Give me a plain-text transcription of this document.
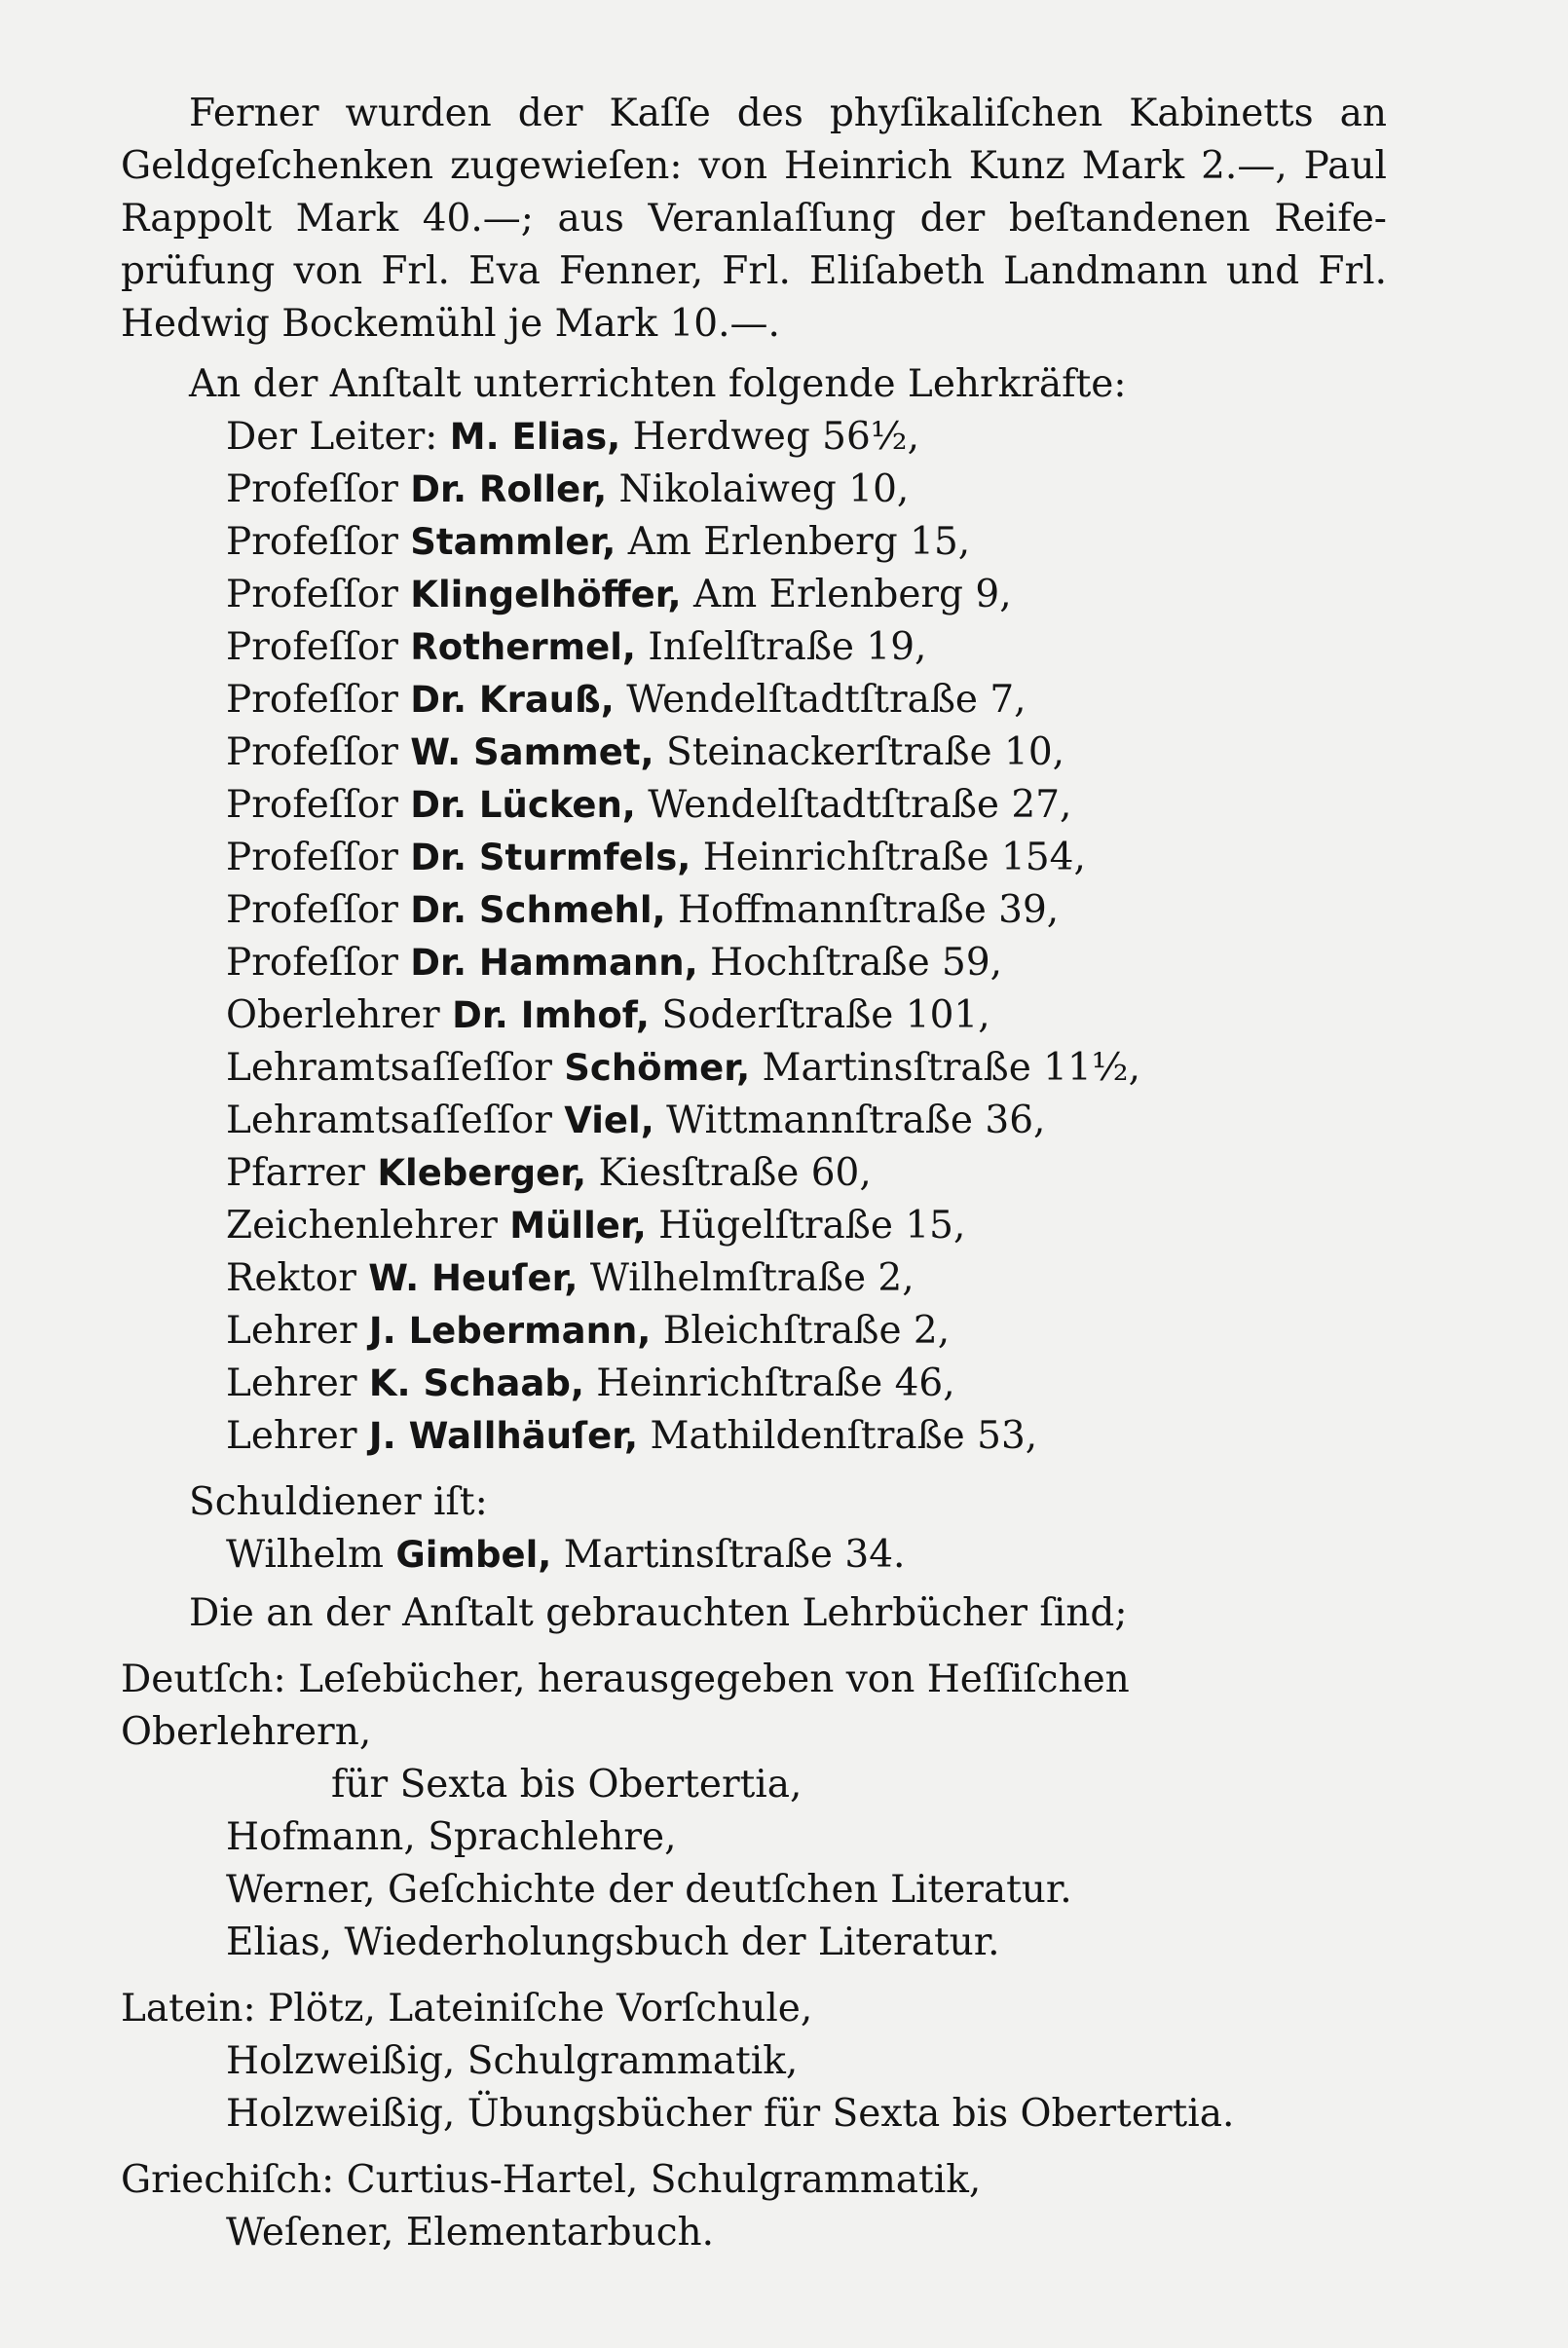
Ferner wurden der Kaſſe des phyſikaliſchen Kabinetts an
Geldgeſchenken zugewieſen: von Heinrich Kunz Mark 2.—, Paul
Rappolt Mark 40.—; aus Veranlaſſung der beſtandenen Reife-
prüfung von Frl. Eva Fenner, Frl. Eliſabeth Landmann und Frl.
Hedwig Bockemühl je Mark 10.—.

An der Anſtalt unterrichten folgende Lehrkräfte:
Der Leiter: M. Elias, Herdweg 56½,
Profeſſor Dr. Roller, Nikolaiweg 10,
Profeſſor Stammler, Am Erlenberg 15,
Profeſſor Klingelhöffer, Am Erlenberg 9,
Profeſſor Rothermel, Inſelſtraße 19,
Profeſſor Dr. Krauß, Wendelſtadtſtraße 7,
Profeſſor W. Sammet, Steinackerſtraße 10,
Profeſſor Dr. Lücken, Wendelſtadtſtraße 27,
Profeſſor Dr. Sturmfels, Heinrichſtraße 154,
Profeſſor Dr. Schmehl, Hoffmannſtraße 39,
Profeſſor Dr. Hammann, Hochſtraße 59,
Oberlehrer Dr. Imhof, Soderſtraße 101,
Lehramtsaſſeſſor Schömer, Martinsſtraße 11½,
Lehramtsaſſeſſor Viel, Wittmannſtraße 36,
Pfarrer Kleberger, Kiesſtraße 60,
Zeichenlehrer Müller, Hügelſtraße 15,
Rektor W. Heuſer, Wilhelmſtraße 2,
Lehrer J. Lebermann, Bleichſtraße 2,
Lehrer K. Schaab, Heinrichſtraße 46,
Lehrer J. Wallhäuſer, Mathildenſtraße 53,
Schuldiener iſt:
Wilhelm Gimbel, Martinsſtraße 34.
Die an der Anſtalt gebrauchten Lehrbücher ſind;
Deutſch: Leſebücher, herausgegeben von Heſſiſchen Oberlehrern,
für Sexta bis Obertertia,
Hofmann, Sprachlehre,
Werner, Geſchichte der deutſchen Literatur.
Elias, Wiederholungsbuch der Literatur.
Latein: Plötz, Lateiniſche Vorſchule,
Holzweißig, Schulgrammatik,
Holzweißig, Übungsbücher für Sexta bis Obertertia.
Griechiſch: Curtius-Hartel, Schulgrammatik,
Weſener, Elementarbuch.
